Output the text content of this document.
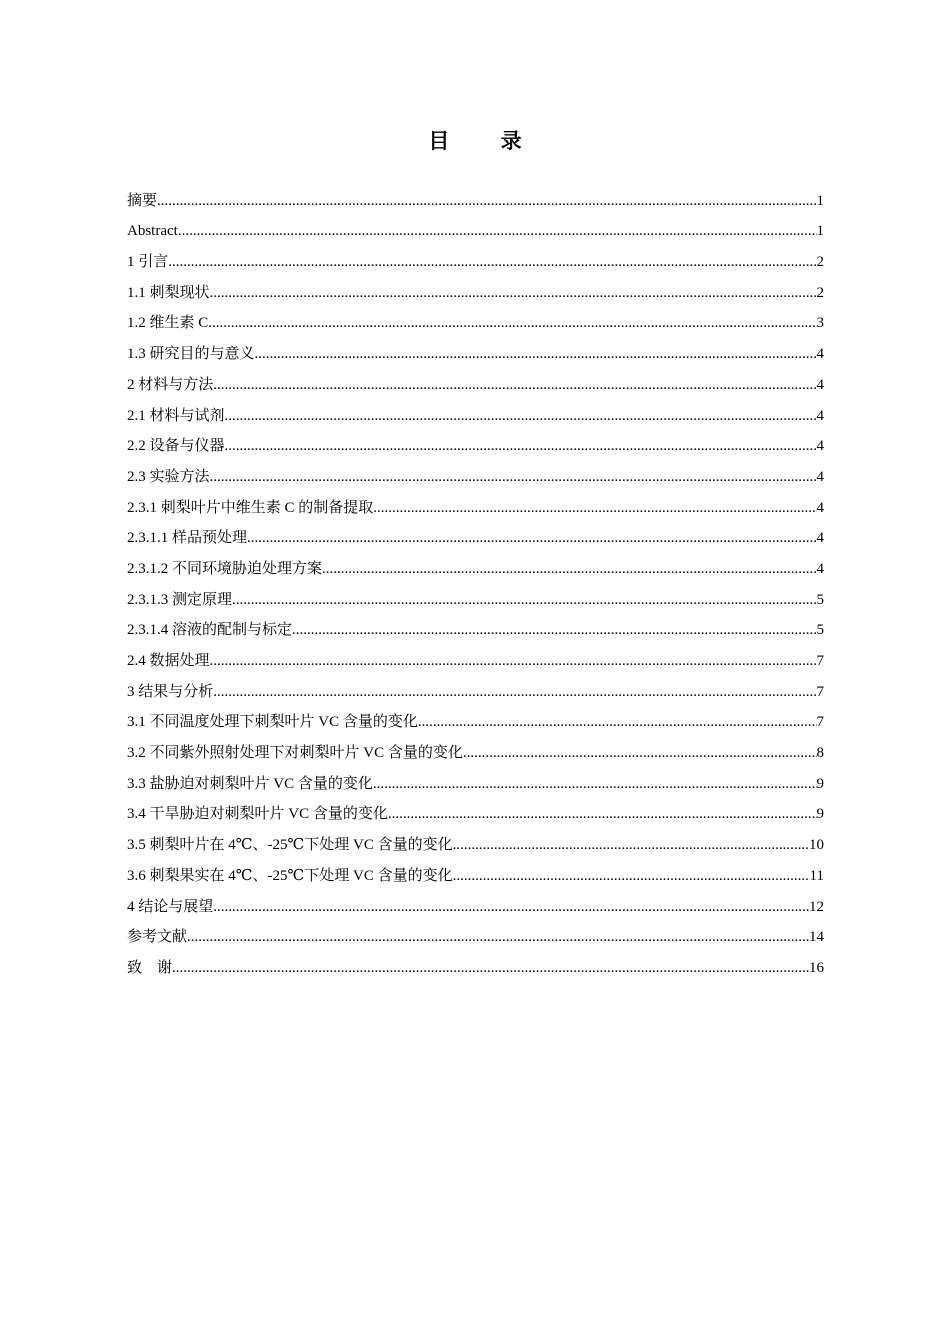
目 录
摘要 .....	1
Abstract .....	1
1 引言 .....	2
1.1 刺梨现状 .....	2
1.2 维生素 C .....	3
1.3 研究目的与意义 .....	4
2 材料与方法 .....	4
2.1 材料与试剂 .....	4
2.2 设备与仪器 .....	4
2.3 实验方法 .....	4
2.3.1 刺梨叶片中维生素 C 的制备提取 .....	4
2.3.1.1 样品预处理 .....	4
2.3.1.2 不同环境胁迫处理方案 .....	4
2.3.1.3 测定原理 .....	5
2.3.1.4 溶液的配制与标定 .....	5
2.4 数据处理 .....	7
3 结果与分析 .....	7
3.1 不同温度处理下刺梨叶片 VC 含量的变化 .....	7
3.2 不同紫外照射处理下对刺梨叶片 VC 含量的变化 .....	8
3.3 盐胁迫对刺梨叶片 VC 含量的变化 .....	9
3.4 干旱胁迫对刺梨叶片 VC 含量的变化 .....	9
3.5 刺梨叶片在 4℃、-25℃下处理 VC 含量的变化 .....	10
3.6 刺梨果实在 4℃、-25℃下处理 VC 含量的变化 .....	11
4 结论与展望 .....	12
参考文献 .....	14
致　谢 .....	16
